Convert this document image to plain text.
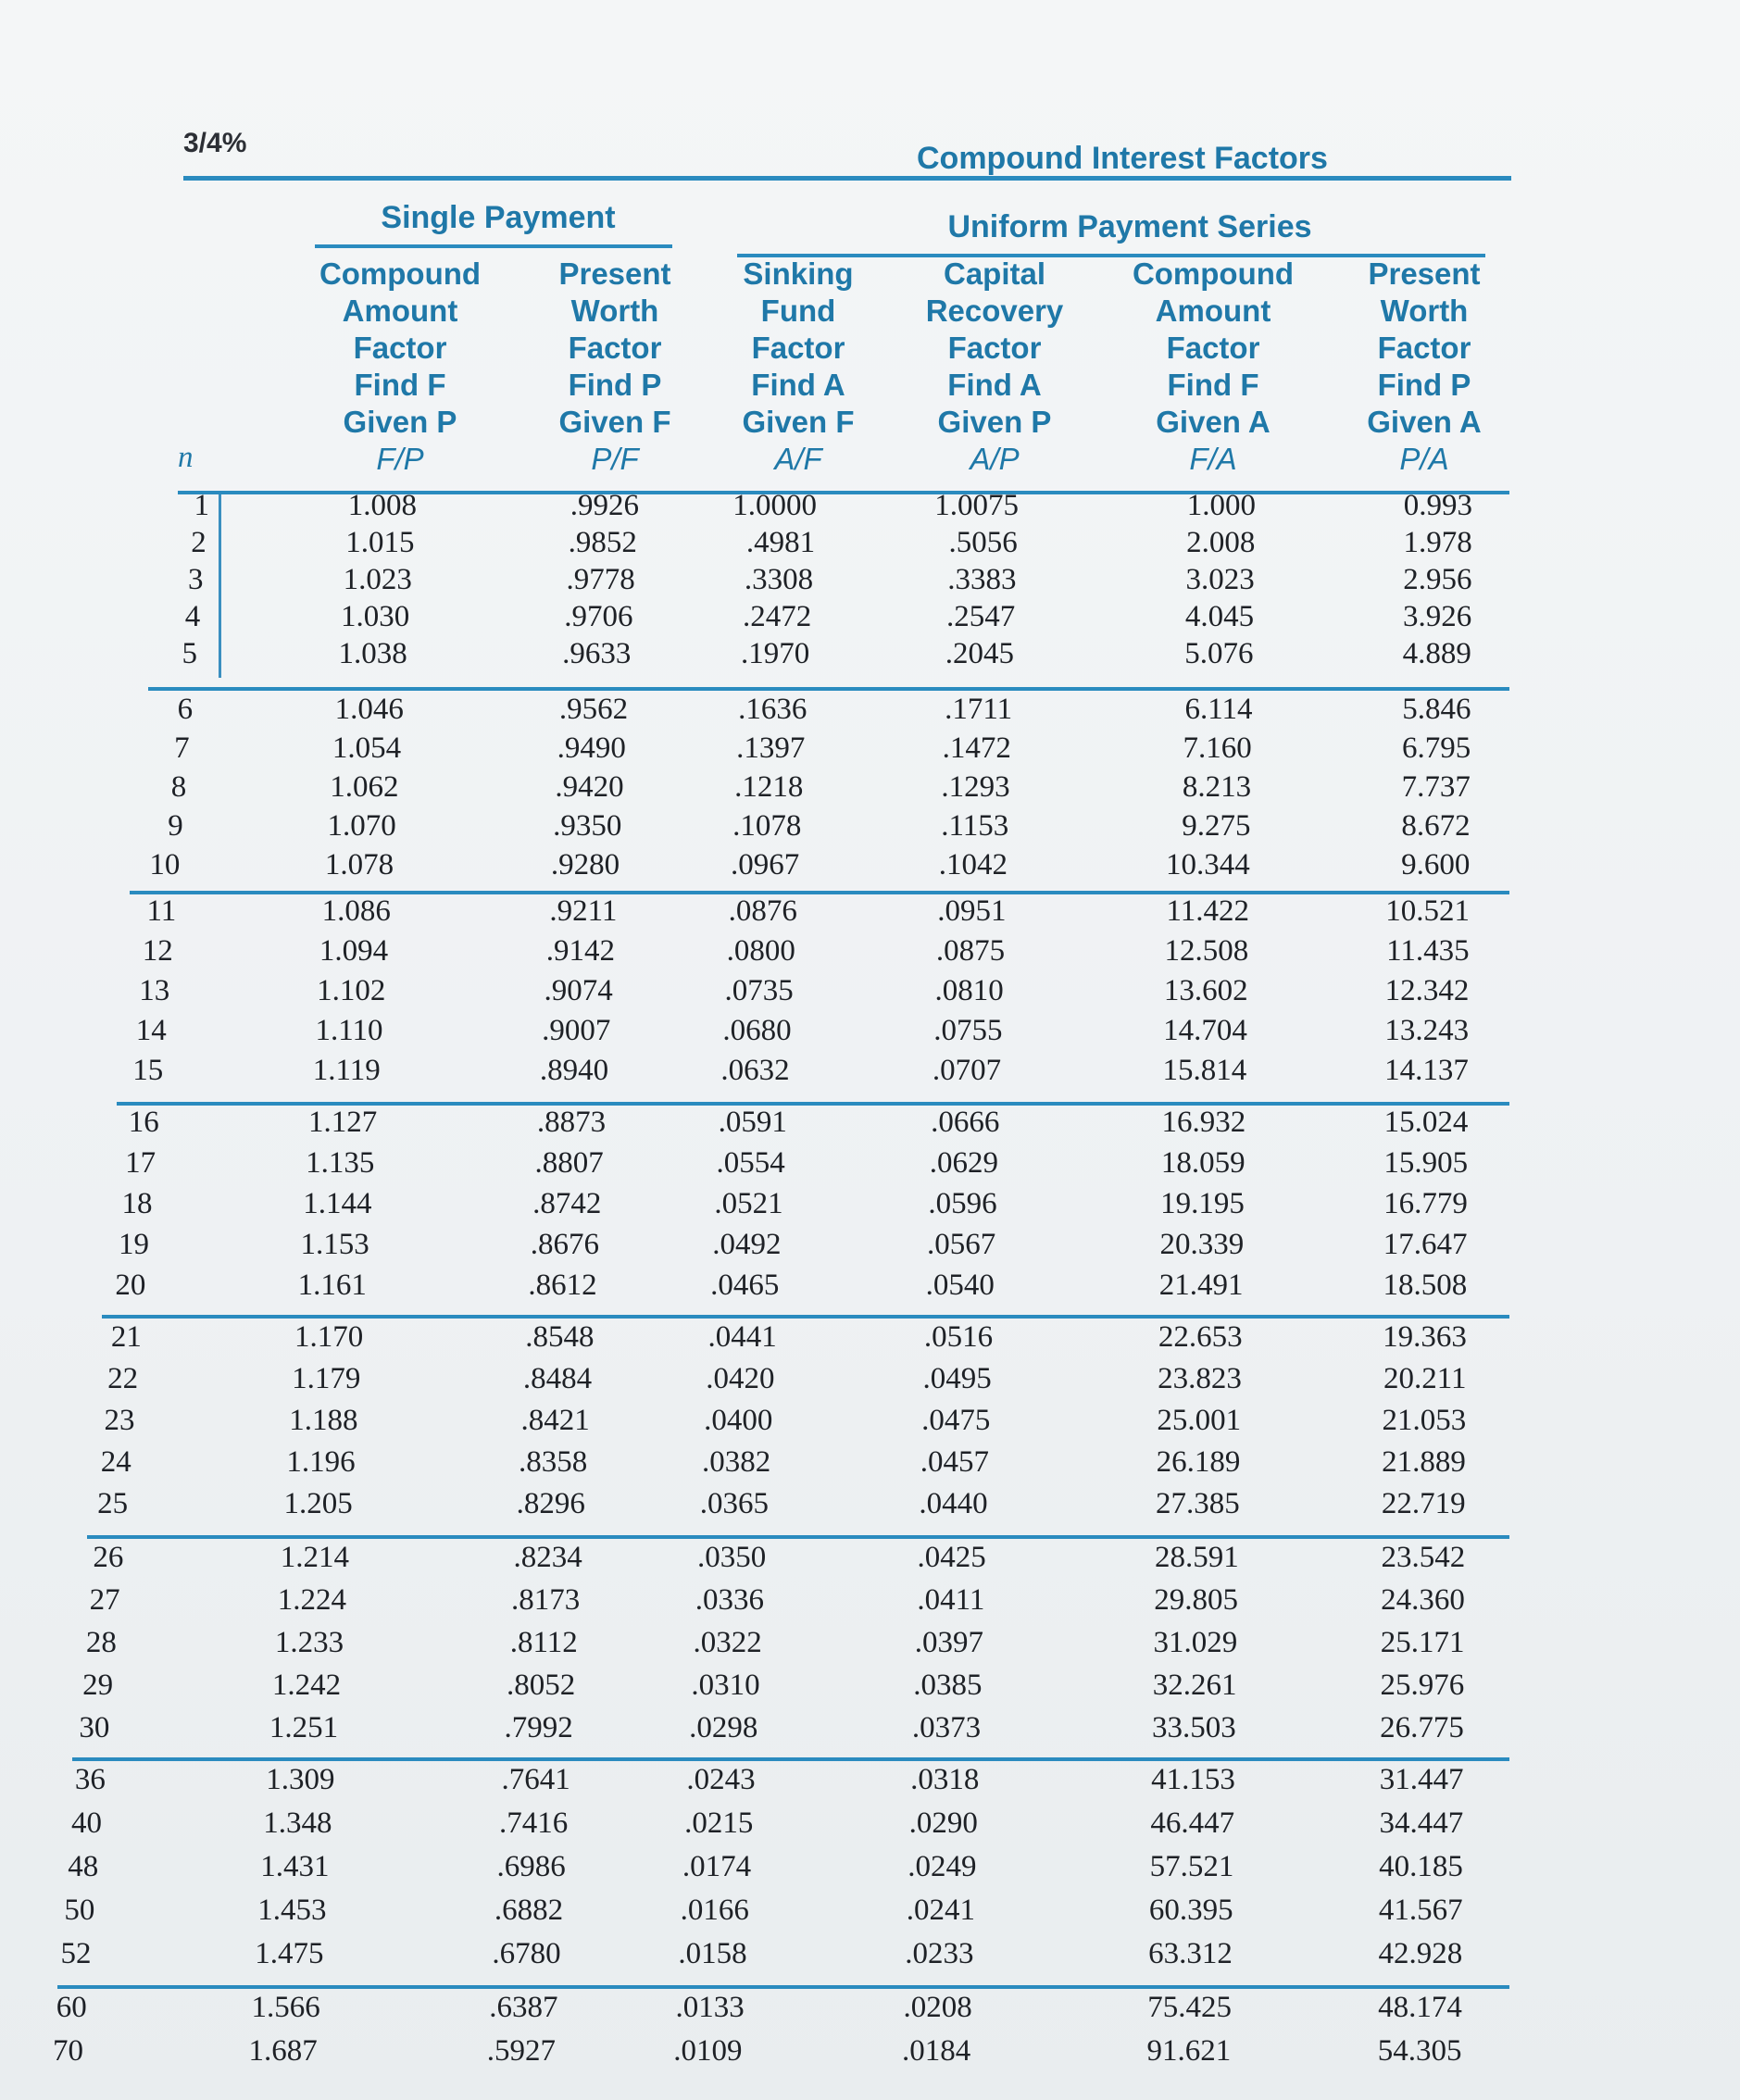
3/4%	Compound Interest Factors
Single Payment	Uniform Payment Series
Compound
Amount
Factor
Find F
Given P
F/P
Present
Worth
Factor
Find P
Given F
P/F
Sinking
Fund
Factor
Find A
Given F
A/F
Capital
Recovery
Factor
Find A
Given P
A/P
Compound
Amount
Factor
Find F
Given A
F/A
Present
Worth
Factor
Find P
Given A
P/A
n
1	1.008	.9926	1.0000	1.0075	1.000	0.993
2	1.015	.9852	.4981	.5056	2.008	1.978
3	1.023	.9778	.3308	.3383	3.023	2.956
4	1.030	.9706	.2472	.2547	4.045	3.926
5	1.038	.9633	.1970	.2045	5.076	4.889
6	1.046	.9562	.1636	.1711	6.114	5.846
7	1.054	.9490	.1397	.1472	7.160	6.795
8	1.062	.9420	.1218	.1293	8.213	7.737
9	1.070	.9350	.1078	.1153	9.275	8.672
10	1.078	.9280	.0967	.1042	10.344	9.600
11	1.086	.9211	.0876	.0951	11.422	10.521
12	1.094	.9142	.0800	.0875	12.508	11.435
13	1.102	.9074	.0735	.0810	13.602	12.342
14	1.110	.9007	.0680	.0755	14.704	13.243
15	1.119	.8940	.0632	.0707	15.814	14.137
16	1.127	.8873	.0591	.0666	16.932	15.024
17	1.135	.8807	.0554	.0629	18.059	15.905
18	1.144	.8742	.0521	.0596	19.195	16.779
19	1.153	.8676	.0492	.0567	20.339	17.647
20	1.161	.8612	.0465	.0540	21.491	18.508
21	1.170	.8548	.0441	.0516	22.653	19.363
22	1.179	.8484	.0420	.0495	23.823	20.211
23	1.188	.8421	.0400	.0475	25.001	21.053
24	1.196	.8358	.0382	.0457	26.189	21.889
25	1.205	.8296	.0365	.0440	27.385	22.719
26	1.214	.8234	.0350	.0425	28.591	23.542
27	1.224	.8173	.0336	.0411	29.805	24.360
28	1.233	.8112	.0322	.0397	31.029	25.171
29	1.242	.8052	.0310	.0385	32.261	25.976
30	1.251	.7992	.0298	.0373	33.503	26.775
36	1.309	.7641	.0243	.0318	41.153	31.447
40	1.348	.7416	.0215	.0290	46.447	34.447
48	1.431	.6986	.0174	.0249	57.521	40.185
50	1.453	.6882	.0166	.0241	60.395	41.567
52	1.475	.6780	.0158	.0233	63.312	42.928
60	1.566	.6387	.0133	.0208	75.425	48.174
70	1.687	.5927	.0109	.0184	91.621	54.305
